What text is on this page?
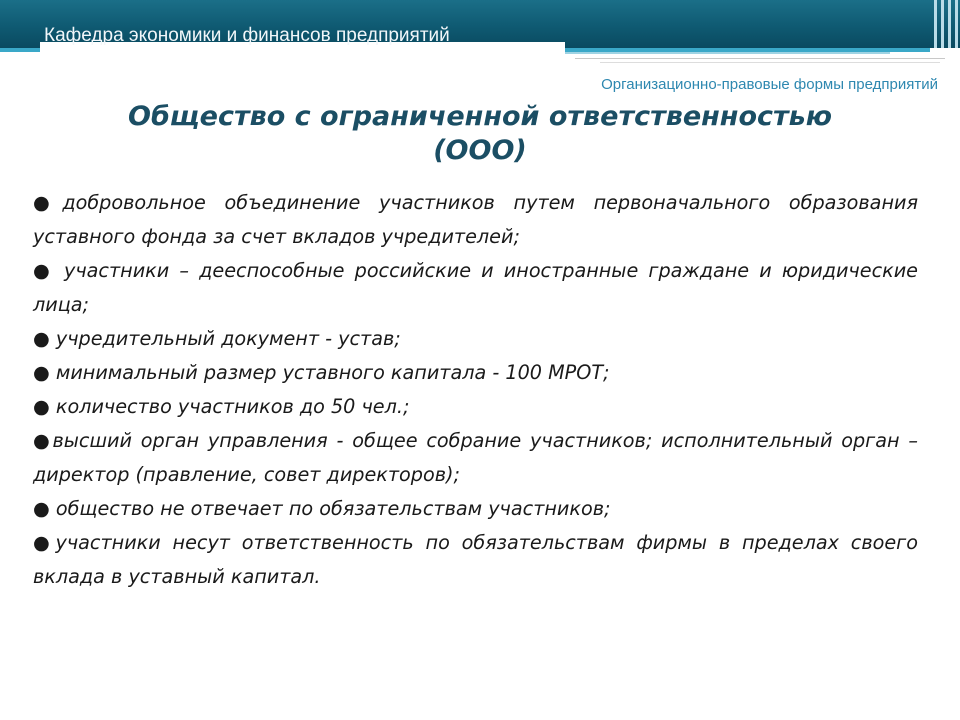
Кафедра экономики и финансов предприятий

Организационно-правовые формы предприятий

Общество с ограниченной ответственностью
(ООО)
●добровольное объединение участников путем первоначального образования уставного фонда за счет вкладов учредителей;
● участники – дееспособные российские и иностранные граждане и юридические лица;
● учредительный документ - устав;
● минимальный размер уставного капитала - 100 МРОТ;
● количество участников до 50 чел.;
●высший орган управления - общее собрание участников; исполнительный орган – директор (правление, совет директоров);
● общество не отвечает по обязательствам участников;
●участники несут ответственность по обязательствам фирмы в пределах своего вклада в уставный капитал.
